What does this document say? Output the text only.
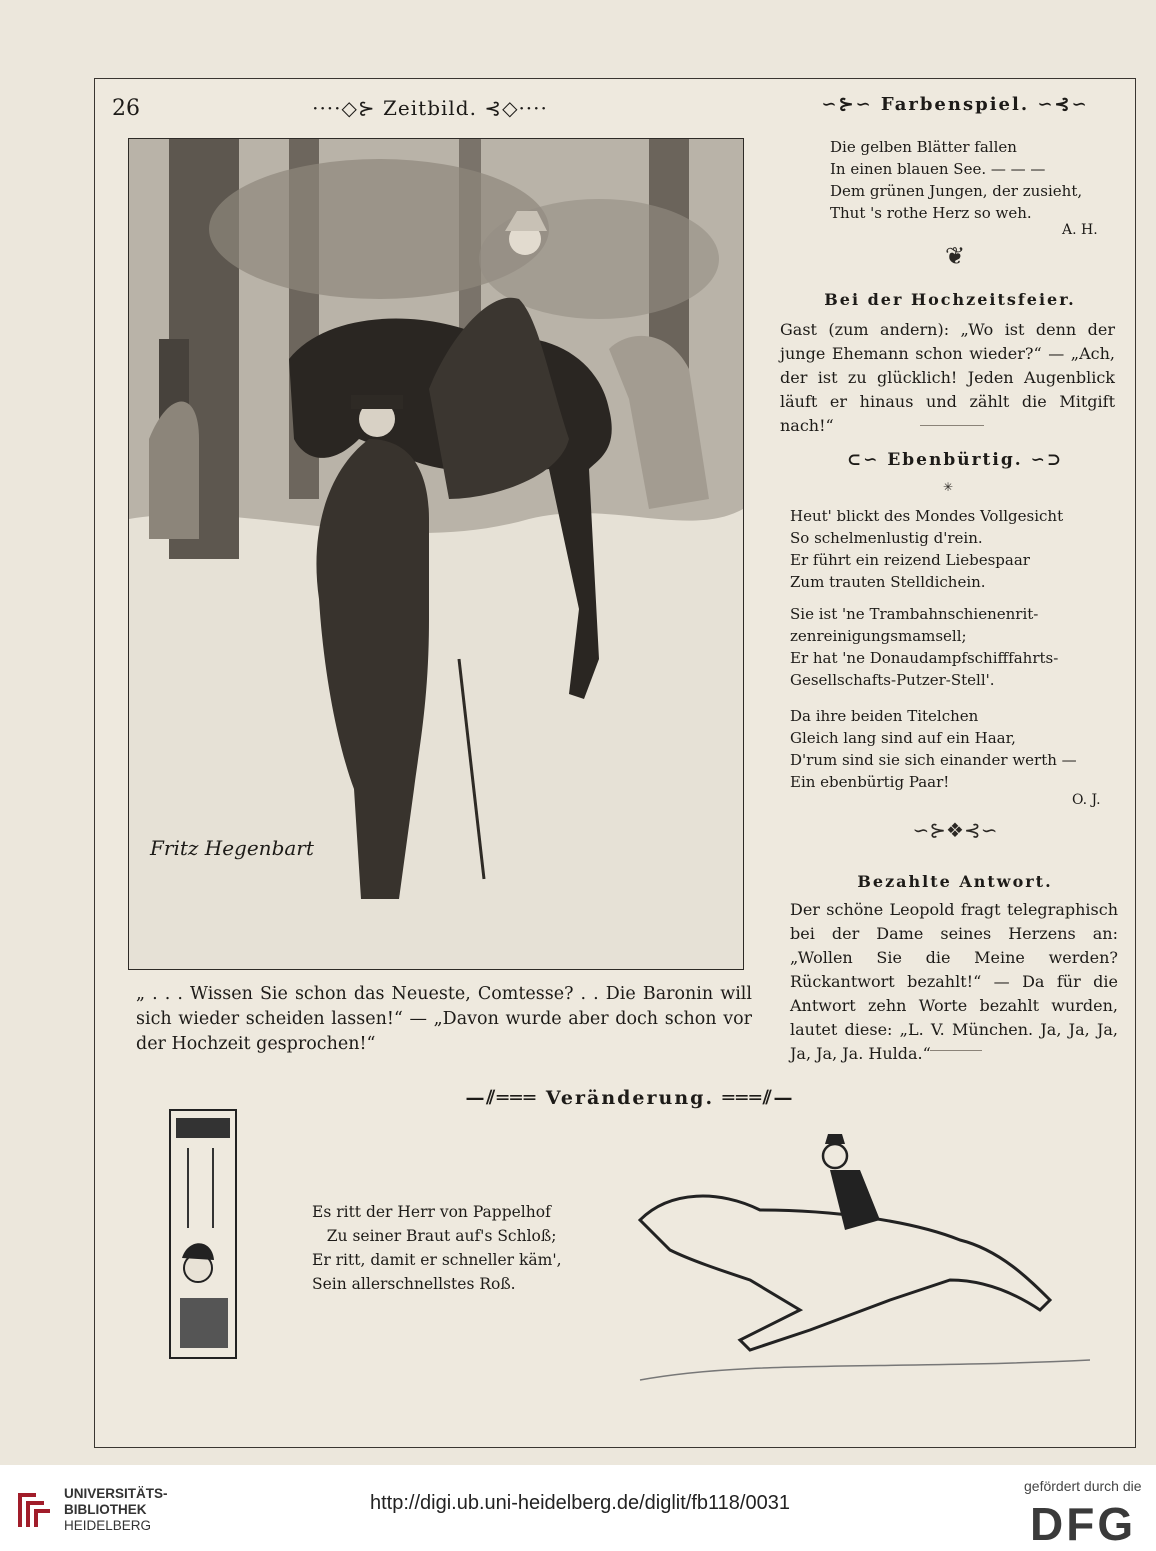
26	····◇⊱ Zeitbild. ⊰◇····
Fritz Hegenbart
„ . . . Wissen Sie schon das Neueste, Comtesse? . . Die Baronin will sich wieder scheiden lassen!“ — „Davon wurde aber doch schon vor der Hochzeit gesprochen!“
∽⊱∽ Farbenspiel. ∽⊰∽
Die gelben Blätter fallen
In einen blauen See. — — —
Dem grünen Jungen, der zusieht,
Thut 's rothe Herz so weh.
A. H.
❦
Bei der Hochzeitsfeier.
Gast (zum andern): „Wo ist denn der junge Ehemann schon wieder?“ — „Ach, der ist zu glücklich! Jeden Augenblick läuft er hinaus und zählt die Mitgift nach!“
⊂∽ Ebenbürtig. ∽⊃
✳
Heut' blickt des Mondes Vollgesicht
So schelmenlustig d'rein.
Er führt ein reizend Liebespaar
Zum trauten Stelldichein.
Sie ist 'ne Trambahnschienenrit-
zenreinigungsmamsell;
Er hat 'ne Donaudampfschifffahrts-
Gesellschafts-Putzer-Stell'.
Da ihre beiden Titelchen
Gleich lang sind auf ein Haar,
D'rum sind sie sich einander werth —
Ein ebenbürtig Paar!
O. J.
∽⊱❖⊰∽
Bezahlte Antwort.
Der schöne Leopold fragt telegraphisch bei der Dame seines Herzens an: „Wollen Sie die Meine werden? Rückantwort bezahlt!“ — Da für die Antwort zehn Worte bezahlt wurden, lautet diese: „L. V. München. Ja, Ja, Ja, Ja, Ja, Ja. Hulda.“
—⫽═══ Veränderung. ═══⫽—
Es ritt der Herr von Pappelhof
Zu seiner Braut auf's Schloß;
Er ritt, damit er schneller käm',
Sein allerschnellstes Roß.
UNIVERSITÄTS-
BIBLIOTHEK
HEIDELBERG
http://digi.ub.uni-heidelberg.de/diglit/fb118/0031
gefördert durch die
DFG
